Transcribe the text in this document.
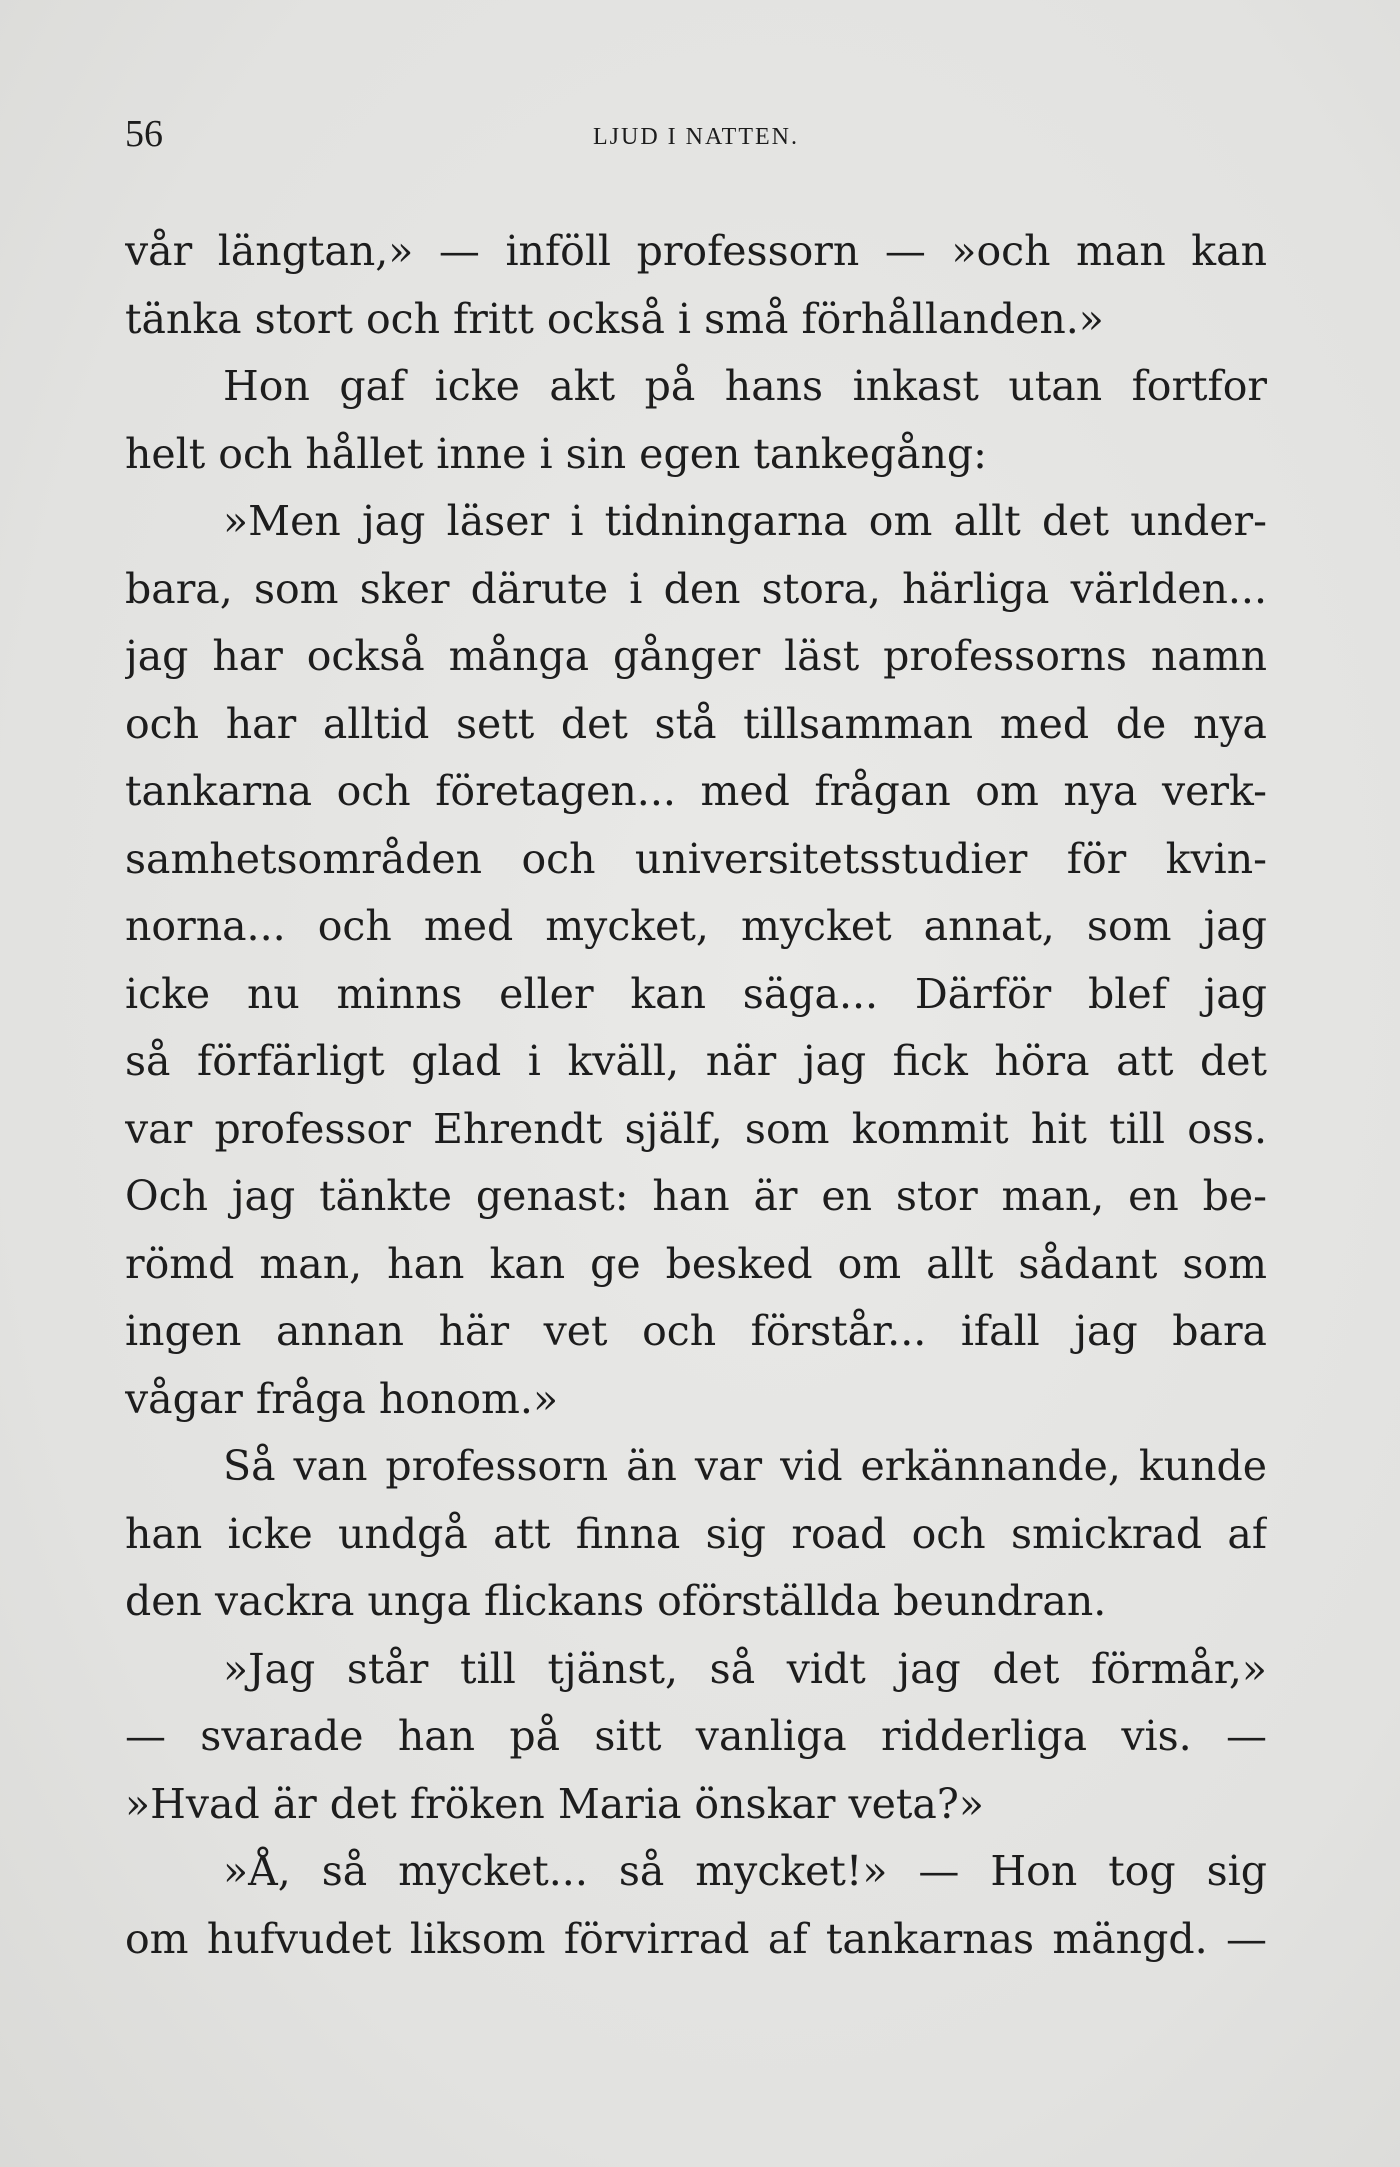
56	LJUD I NATTEN.
vår längtan,» — inföll professorn — »och man kan
tänka stort och fritt också i små förhållanden.»
Hon gaf icke akt på hans inkast utan fortfor
helt och hållet inne i sin egen tankegång:
»Men jag läser i tidningarna om allt det under-
bara, som sker därute i den stora, härliga världen...
jag har också många gånger läst professorns namn
och har alltid sett det stå tillsamman med de nya
tankarna och företagen... med frågan om nya verk-
samhetsområden och universitetsstudier för kvin-
norna... och med mycket, mycket annat, som jag
icke nu minns eller kan säga... Därför blef jag
så förfärligt glad i kväll, när jag fick höra att det
var professor Ehrendt själf, som kommit hit till oss.
Och jag tänkte genast: han är en stor man, en be-
römd man, han kan ge besked om allt sådant som
ingen annan här vet och förstår... ifall jag bara
vågar fråga honom.»
Så van professorn än var vid erkännande, kunde
han icke undgå att finna sig road och smickrad af
den vackra unga flickans oförställda beundran.
»Jag står till tjänst, så vidt jag det förmår,»
— svarade han på sitt vanliga ridderliga vis. —
»Hvad är det fröken Maria önskar veta?»
»Å, så mycket... så mycket!» — Hon tog sig
om hufvudet liksom förvirrad af tankarnas mängd. —
